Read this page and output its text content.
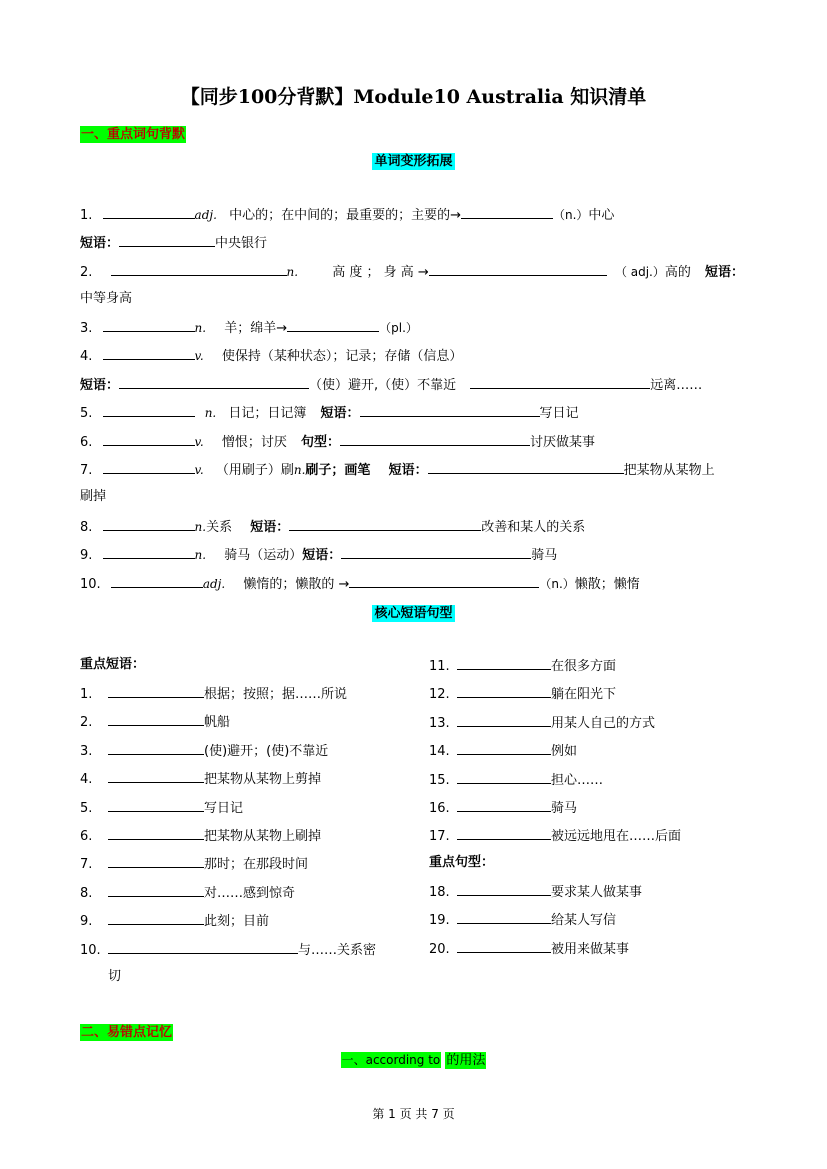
【同步100分背默】Module10 Australia 知识清单
一、重点词句背默
单词变形拓展
1.	adj. 中心的；在中间的；最重要的；主要的→	（n.）中心
短语：	中央银行
2.	n.	高 度 ； 身 高 →	（ adj.）高的 短语：
中等身高
3.	n. 羊；绵羊→	（pl.）
4.	v. 使保持（某种状态）；记录；存储（信息）
短语：	（使）避开,（使）不靠近	远离……
5.	n. 日记；日记簿 短语：	写日记
6.	v. 憎恨；讨厌 句型：	讨厌做某事
7.	v. （用刷子）刷n.刷子；画笔 短语：	把某物从某物上
刷掉
8.	n.关系 短语：	改善和某人的关系
9.	n. 骑马（运动）短语：	骑马
10.	adj. 懒惰的；懒散的 →	（n.）懒散；懒惰
核心短语句型
重点短语：
1.	根据；按照；据……所说
2.	帆船
3.	(使)避开；(使)不靠近
4.	把某物从某物上剪掉
5.	写日记
6.	把某物从某物上刷掉
7.	那时；在那段时间
8.	对……感到惊奇
9.	此刻；目前
10.	与……关系密
切
11.	在很多方面
12.	躺在阳光下
13.	用某人自己的方式
14.	例如
15.	担心……
16.	骑马
17.	被远远地甩在……后面
重点句型：
18.	要求某人做某事
19.	给某人写信
20.	被用来做某事
二、易错点记忆
一、according to 的用法
第 1 页 共 7 页
